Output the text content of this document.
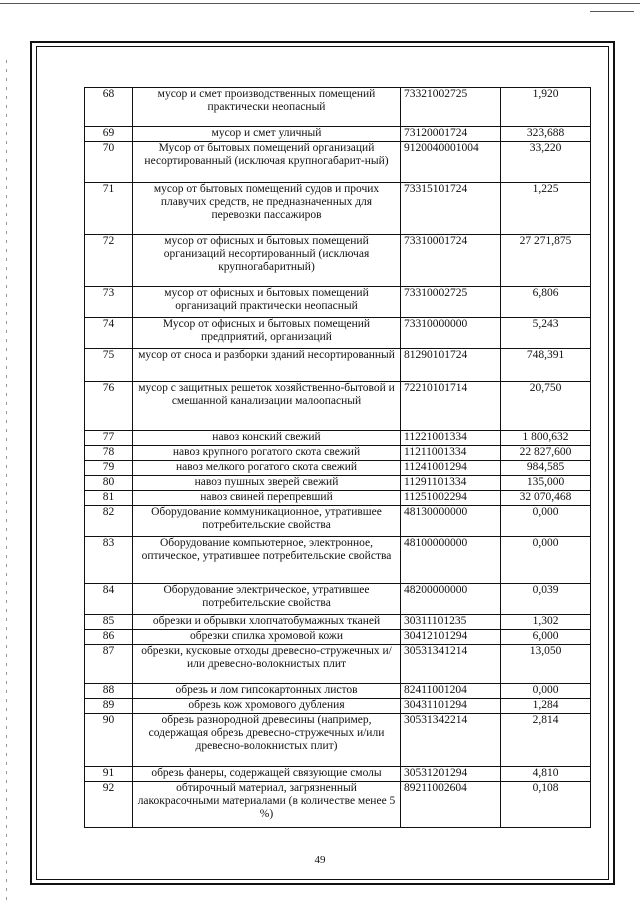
68	мусор и смет производственных помещений практически неопасный	73321002725	1,920
69	мусор и смет уличный	73120001724	323,688
70	Мусор от бытовых помещений организаций несортированный (исключая крупногабарит-ный)	9120040001004	33,220
71	мусор от бытовых помещений судов и прочих плавучих средств, не предназначенных для перевозки пассажиров	73315101724	1,225
72	мусор от офисных и бытовых помещений организаций несортированный (исключая крупногабаритный)	73310001724	27 271,875
73	мусор от офисных и бытовых помещений организаций практически неопасный	73310002725	6,806
74	Мусор от офисных и бытовых помещений предприятий, организаций	73310000000	5,243
75	мусор от сноса и разборки зданий несортированный	81290101724	748,391
76	мусор с защитных решеток хозяйственно-бытовой и смешанной канализации малоопасный	72210101714	20,750
77	навоз конский свежий	11221001334	1 800,632
78	навоз крупного рогатого скота свежий	11211001334	22 827,600
79	навоз мелкого рогатого скота свежий	11241001294	984,585
80	навоз пушных зверей свежий	11291101334	135,000
81	навоз свиней перепревший	11251002294	32 070,468
82	Оборудование коммуникационное, утратившее потребительские свойства	48130000000	0,000
83	Оборудование компьютерное, электронное, оптическое, утратившее потребительские свойства	48100000000	0,000
84	Оборудование электрическое, утратившее потребительские свойства	48200000000	0,039
85	обрезки и обрывки хлопчатобумажных тканей	30311101235	1,302
86	обрезки спилка хромовой кожи	30412101294	6,000
87	обрезки, кусковые отходы древесно-стружечных и/или древесно-волокнистых плит	30531341214	13,050
88	обрезь и лом гипсокартонных листов	82411001204	0,000
89	обрезь кож хромового дубления	30431101294	1,284
90	обрезь разнородной древесины (например, содержащая обрезь древесно-стружечных и/или древесно-волокнистых плит)	30531342214	2,814
91	обрезь фанеры, содержащей связующие смолы	30531201294	4,810
92	обтирочный материал, загрязненный лакокрасочными материалами (в количестве менее 5 %)	89211002604	0,108
49
